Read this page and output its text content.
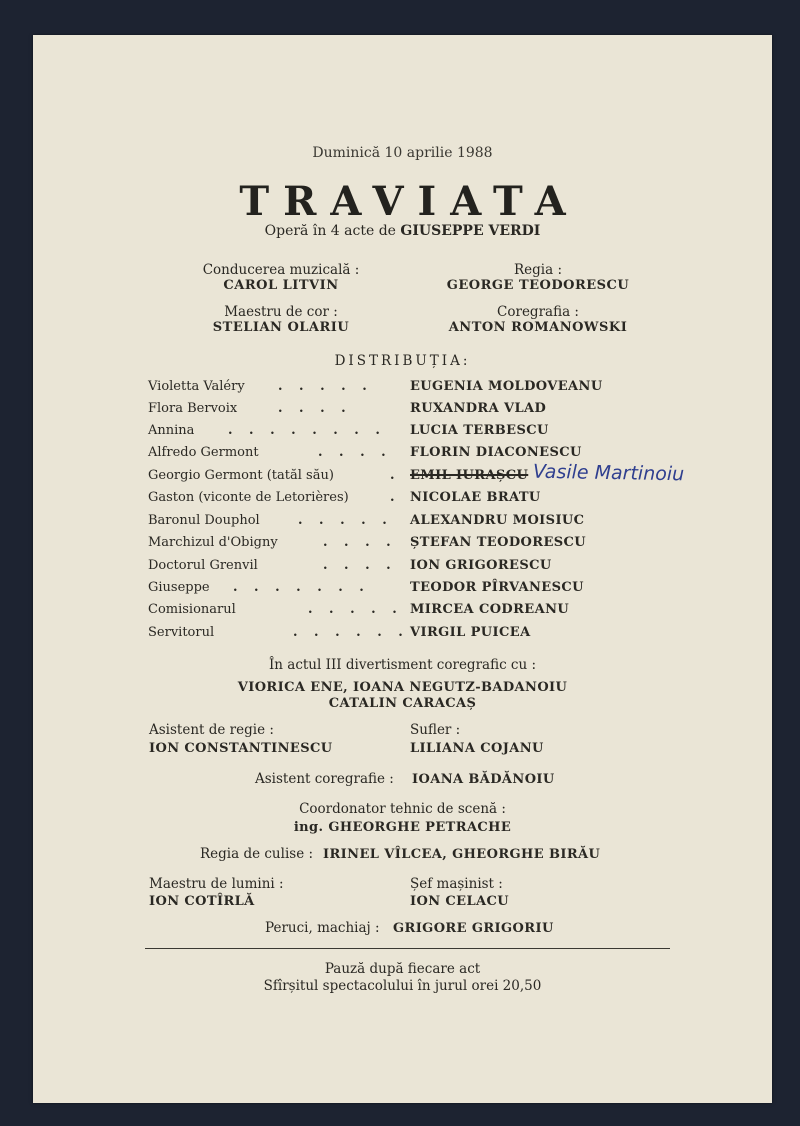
Duminică 10 aprilie 1988
TRAVIATA
Operă în 4 acte de GIUSEPPE VERDI
Conducerea muzicală :
CAROL LITVIN
Regia :
GEORGE TEODORESCU
Maestru de cor :
STELIAN OLARIU
Coregrafia :
ANTON ROMANOWSKI
DISTRIBUȚIA:
Violetta Valéry	. . . . .	EUGENIA MOLDOVEANU
Flora Bervoix	. . . .	RUXANDRA VLAD
Annina	. . . . . . . . LUCIA TERBESCU
Alfredo Germont	. . . . FLORIN DIACONESCU
Georgio Germont (tatăl său)	. EMIL IURAȘCU
Gaston (viconte de Letorières)	. NICOLAE BRATU
Baronul Douphol	. . . . . ALEXANDRU MOISIUC
Marchizul d'Obigny	. . . . ȘTEFAN TEODORESCU
Doctorul Grenvil	. . . . ION GRIGORESCU
Giuseppe . . . . . . .	TEODOR PÎRVANESCU
Comisionarul	. . . . . MIRCEA CODREANU
Servitorul	. . . . . . VIRGIL PUICEA
Vasile Martinoiu
În actul III divertisment coregrafic cu :
VIORICA ENE, IOANA NEGUTZ-BADANOIU
CATALIN CARACAȘ
Asistent de regie :
ION CONSTANTINESCU
Sufler :
LILIANA COJANU
Asistent coregrafie : IOANA BĂDĂNOIU
Coordonator tehnic de scenă :
ing. GHEORGHE PETRACHE
Regia de culise : IRINEL VÎLCEA, GHEORGHE BIRĂU
Maestru de lumini :
ION COTÎRLĂ
Șef mașinist :
ION CELACU
Peruci, machiaj : GRIGORE GRIGORIU
Pauză după fiecare act
Sfîrșitul spectacolului în jurul orei 20,50
